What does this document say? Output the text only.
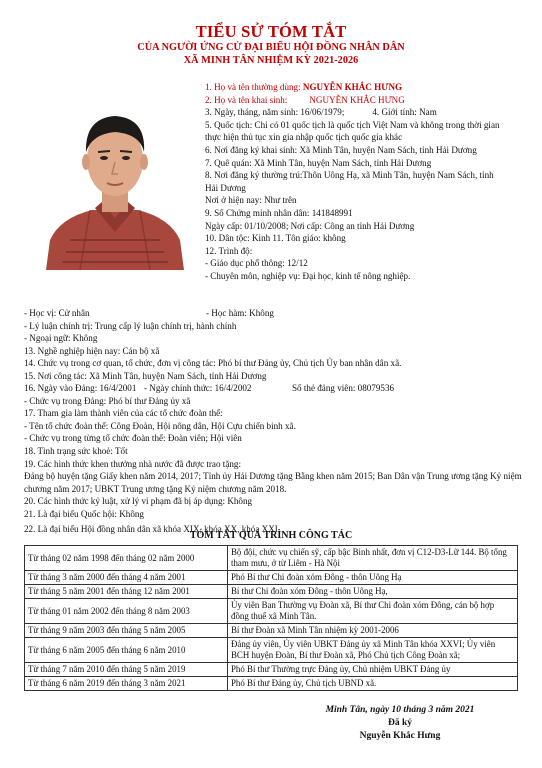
TIỂU SỬ TÓM TẮT
CỦA NGƯỜI ỨNG CỬ ĐẠI BIỂU HỘI ĐỒNG NHÂN DÂN
XÃ MINH TÂN NHIỆM KỲ 2021-2026
1. Họ và tên thường dùng: NGUYỄN KHẮC HƯNG
2. Họ và tên khai sinh: NGUYỄN KHẮC HƯNG
3. Ngày, tháng, năm sinh: 16/06/1979;	4. Giới tính: Nam
5. Quốc tịch: Chỉ có 01 quốc tịch là quốc tịch Việt Nam và không trong thời gian thực hiện thủ tục xin gia nhập quốc tịch quốc gia khác
6. Nơi đăng ký khai sinh: Xã Minh Tân, huyện Nam Sách, tỉnh Hải Dương
7. Quê quán: Xã Minh Tân, huyện Nam Sách, tỉnh Hải Dương
8. Nơi đăng ký thường trú:Thôn Uông Hạ, xã Minh Tân, huyện Nam Sách, tỉnh Hải Dương
Nơi ở hiện nay: Như trên
9. Số Chứng minh nhân dân: 141848991
Ngày cấp: 01/10/2008; Nơi cấp: Công an tỉnh Hải Dương
10. Dân tộc: Kinh 11. Tôn giáo: không
12. Trình độ:
- Giáo dục phổ thông: 12/12
- Chuyên môn, nghiệp vụ: Đại học, kinh tế nông nghiệp.
- Học vị: Cử nhân	- Học hàm: Không
- Lý luận chính trị: Trung cấp lý luận chính trị, hành chính
- Ngoại ngữ: Không
13. Nghề nghiệp hiện nay: Cán bộ xã
14. Chức vụ trong cơ quan, tổ chức, đơn vị công tác: Phó bí thư Đảng ủy, Chủ tịch Ủy ban nhân dân xã.
15. Nơi công tác: Xã Minh Tân, huyện Nam Sách, tỉnh Hải Dương
16. Ngày vào Đảng: 16/4/2001 - Ngày chính thức: 16/4/2002	Số thẻ đảng viên: 08079536
- Chức vụ trong Đảng: Phó bí thư Đảng ủy xã
17. Tham gia làm thành viên của các tổ chức đoàn thể:
- Tên tổ chức đoàn thể: Công Đoàn, Hội nông dân, Hội Cựu chiến binh xã.
- Chức vụ trong từng tổ chức đoàn thể: Đoàn viên; Hội viên
18. Tình trạng sức khoẻ: Tốt
19. Các hình thức khen thưởng nhà nước đã được trao tặng:
Đảng bộ huyện tặng Giấy khen năm 2014, 2017; Tỉnh ủy Hải Dương tặng Bằng khen năm 2015; Ban Dân vận Trung ương tặng Kỷ niệm chương năm 2017; UBKT Trung ương tặng Kỷ niệm chương năm 2018.
20. Các hình thức kỷ luật, xử lý vi phạm đã bị áp dụng: Không
21. Là đại biểu Quốc hội: Không
22. Là đại biểu Hội đồng nhân dân xã khóa XIX, khóa XX, khóa XXI.
TÓM TẮT QUÁ TRÌNH CÔNG TÁC
Từ tháng 02 năm 1998 đến tháng 02 năm 2000	Bộ đội, chức vụ chiến sỹ, cấp bậc Binh nhất, đơn vị C12-D3-Lữ 144. Bộ tổng tham mưu, ở từ Liêm - Hà Nội
Từ tháng 3 năm 2000 đến tháng 4 năm 2001	Phó Bí thư Chi đoàn xóm Đông - thôn Uông Hạ
Từ tháng 5 năm 2001 đến tháng 12 năm 2001	Bí thư Chi đoàn xóm Đông - thôn Uông Hạ,
Từ tháng 01 năm 2002 đến tháng 8 năm 2003	Ủy viên Ban Thường vụ Đoàn xã, Bí thư Chi đoàn xóm Đông, cán bộ hợp đồng thuế xã Minh Tân.
Từ tháng 9 năm 2003 đến tháng 5 năm 2005	Bí thư Đoàn xã Minh Tân nhiệm kỳ 2001-2006
Từ tháng 6 năm 2005 đến tháng 6 năm 2010	Đảng ủy viên, Ủy viên UBKT Đảng ủy xã Minh Tân khóa XXVI; Ủy viên BCH huyện Đoàn, Bí thư Đoàn xã, Phó Chủ tịch Công Đoàn xã;
Từ tháng 7 năm 2010 đến tháng 5 năm 2019	Phó Bí thư Thường trực Đảng ủy, Chủ nhiệm UBKT Đảng ủy
Từ tháng 6 năm 2019 đến tháng 3 năm 2021	Phó Bí thư Đảng ủy, Chủ tịch UBND xã.
Minh Tân, ngày 10 tháng 3 năm 2021
Đã ký
Nguyễn Khắc Hưng
